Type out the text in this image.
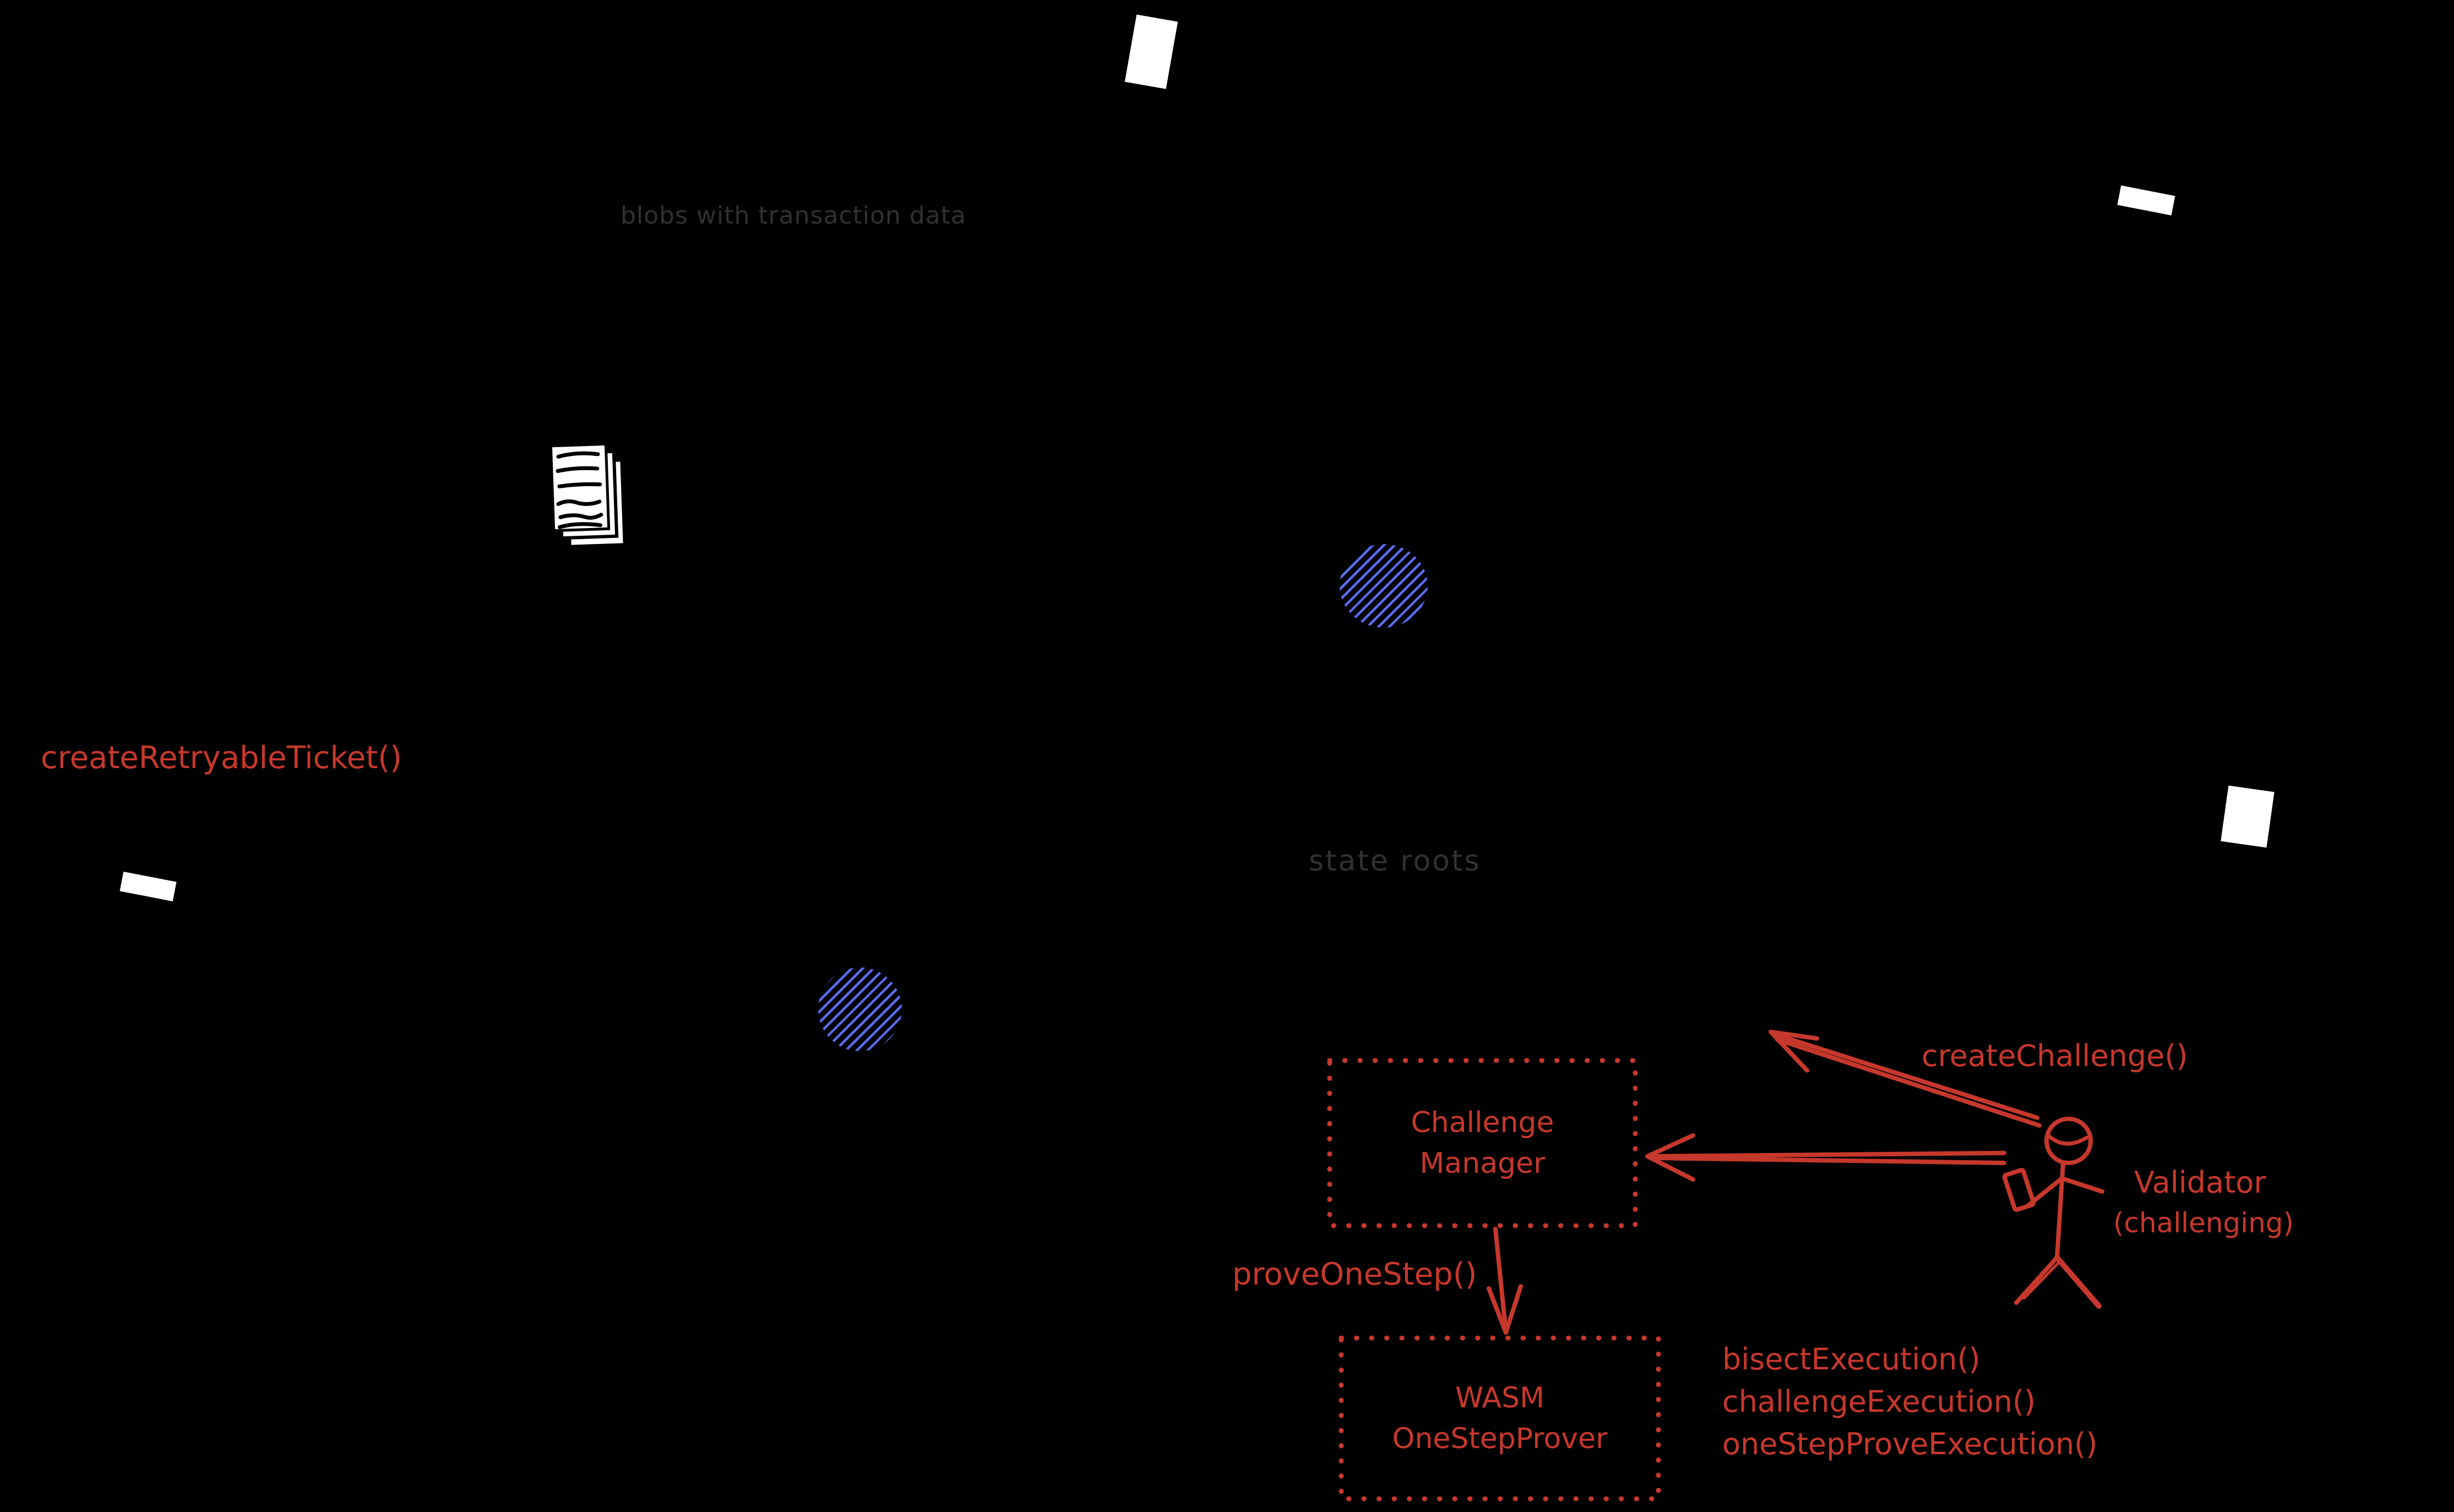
blobs with transaction data
state roots
createRetryableTicket()
createChallenge()
proveOneStep()
Validator
(challenging)
bisectExecution()
challengeExecution()
oneStepProveExecution()
Challenge
Manager
WASM
OneStepProver
